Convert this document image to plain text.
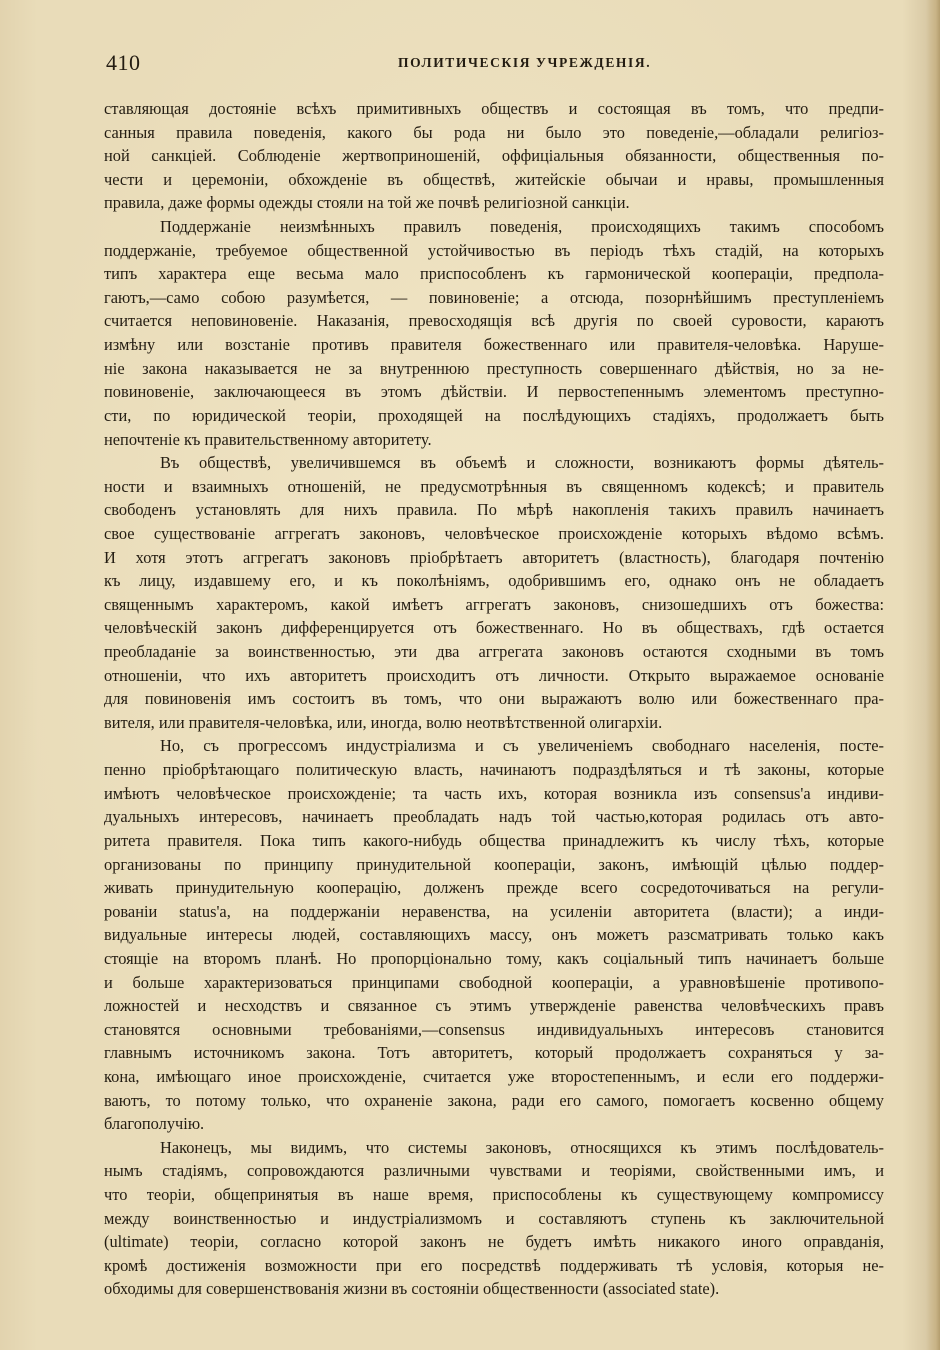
410	ПОЛИТИЧЕСКІЯ УЧРЕЖДЕНІЯ.
ставляющая достояніе всѣхъ примитивныхъ обществъ и состоящая въ томъ, что предпи-
санныя правила поведенія, какого бы рода ни было это поведеніе,—обладали религіоз-
ной санкціей. Соблюденіе жертвоприношеній, оффиціальныя обязанности, общественныя по-
чести и церемоніи, обхожденіе въ обществѣ, житейскіе обычаи и нравы, промышленныя
правила, даже формы одежды стояли на той же почвѣ религіозной санкціи.
Поддержаніе неизмѣнныхъ правилъ поведенія, происходящихъ такимъ способомъ
поддержаніе, требуемое общественной устойчивостью въ періодъ тѣхъ стадій, на которыхъ
типъ характера еще весьма мало приспособленъ къ гармонической коопераціи, предпола-
гаютъ,—само собою разумѣется, — повиновеніе; а отсюда, позорнѣйшимъ преступленіемъ
считается неповиновеніе. Наказанія, превосходящія всѣ другія по своей суровости, караютъ
измѣну или возстаніе противъ правителя божественнаго или правителя-человѣка. Наруше-
ніе закона наказывается не за внутреннюю преступность совершеннаго дѣйствія, но за не-
повиновеніе, заключающееся въ этомъ дѣйствіи. И первостепеннымъ элементомъ преступно-
сти, по юридической теоріи, проходящей на послѣдующихъ стадіяхъ, продолжаетъ быть
непочтеніе къ правительственному авторитету.
Въ обществѣ, увеличившемся въ объемѣ и сложности, возникаютъ формы дѣятель-
ности и взаимныхъ отношеній, не предусмотрѣнныя въ священномъ кодексѣ; и правитель
свободенъ установлять для нихъ правила. По мѣрѣ накопленія такихъ правилъ начинаетъ
свое существованіе аггрегатъ законовъ, человѣческое происхожденіе которыхъ вѣдомо всѣмъ.
И хотя этотъ аггрегатъ законовъ пріобрѣтаетъ авторитетъ (властность), благодаря почтенію
къ лицу, издавшему его, и къ поколѣніямъ, одобрившимъ его, однако онъ не обладаетъ
священнымъ характеромъ, какой имѣетъ аггрегатъ законовъ, снизошедшихъ отъ божества:
человѣческій законъ дифференцируется отъ божественнаго. Но въ обществахъ, гдѣ остается
преобладаніе за воинственностью, эти два аггрегата законовъ остаются сходными въ томъ
отношеніи, что ихъ авторитетъ происходитъ отъ личности. Открыто выражаемое основаніе
для повиновенія имъ состоитъ въ томъ, что они выражаютъ волю или божественнаго пра-
вителя, или правителя-человѣка, или, иногда, волю неотвѣтственной олигархіи.
Но, съ прогрессомъ индустріализма и съ увеличеніемъ свободнаго населенія, посте-
пенно пріобрѣтающаго политическую власть, начинаютъ подраздѣляться и тѣ законы, которые
имѣютъ человѣческое происхожденіе; та часть ихъ, которая возникла изъ consensus'а индиви-
дуальныхъ интересовъ, начинаетъ преобладать надъ той частью,которая родилась отъ авто-
ритета правителя. Пока типъ какого-нибудь общества принадлежитъ къ числу тѣхъ, которые
организованы по принципу принудительной коопераціи, законъ, имѣющій цѣлью поддер-
живать принудительную кооперацію, долженъ прежде всего сосредоточиваться на регули-
рованіи status'а, на поддержаніи неравенства, на усиленіи авторитета (власти); а инди-
видуальные интересы людей, составляющихъ массу, онъ можетъ разсматривать только какъ
стоящіе на второмъ планѣ. Но пропорціонально тому, какъ соціальный типъ начинаетъ больше
и больше характеризоваться принципами свободной коопераціи, а уравновѣшеніе противопо-
ложностей и несходствъ и связанное съ этимъ утвержденіе равенства человѣческихъ правъ
становятся основными требованіями,—consensus индивидуальныхъ интересовъ становится
главнымъ источникомъ закона. Тотъ авторитетъ, который продолжаетъ сохраняться у за-
кона, имѣющаго иное происхожденіе, считается уже второстепеннымъ, и если его поддержи-
ваютъ, то потому только, что охраненіе закона, ради его самого, помогаетъ косвенно общему
благополучію.
Наконецъ, мы видимъ, что системы законовъ, относящихся къ этимъ послѣдователь-
нымъ стадіямъ, сопровождаются различными чувствами и теоріями, свойственными имъ, и
что теоріи, общепринятыя въ наше время, приспособлены къ существующему компромиссу
между воинственностью и индустріализмомъ и составляютъ ступень къ заключительной
(ultimate) теоріи, согласно которой законъ не будетъ имѣть никакого иного оправданія,
кромѣ достиженія возможности при его посредствѣ поддерживать тѣ условія, которыя не-
обходимы для совершенствованія жизни въ состояніи общественности (associated state).
